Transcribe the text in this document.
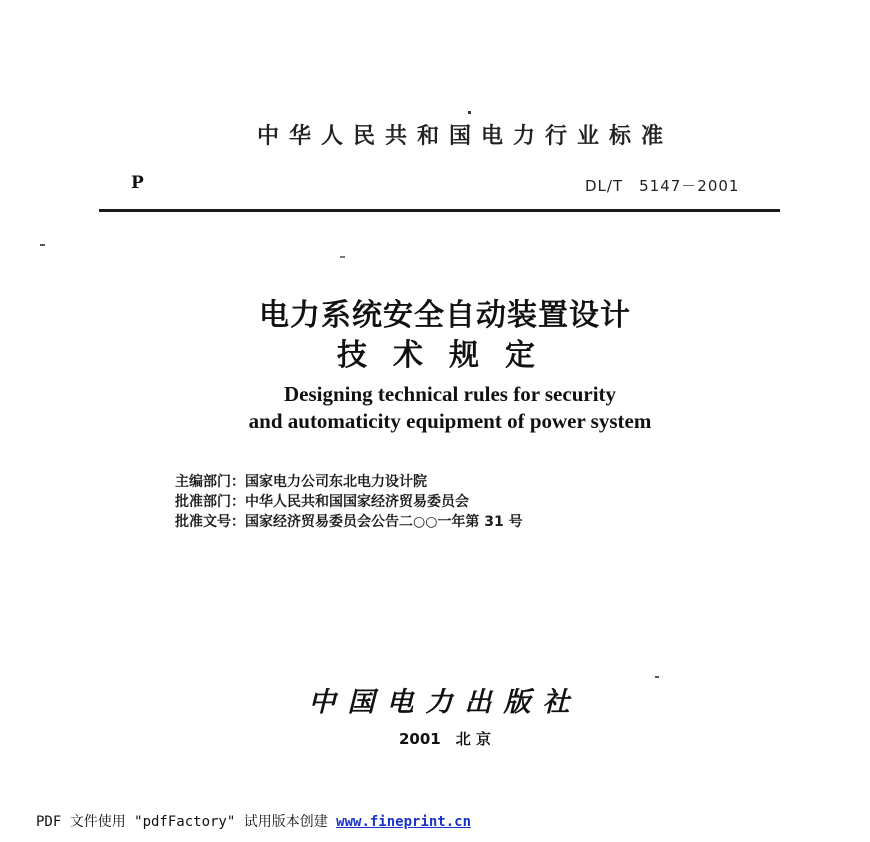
中华人民共和国电力行业标准
P	DL/T　5147－2001
电力系统安全自动装置设计
技术规定
Designing technical rules for security
and automaticity equipment of power system
主编部门：国家电力公司东北电力设计院
批准部门：中华人民共和国国家经济贸易委员会
批准文号：国家经济贸易委员会公告二○○一年第 31 号
中国电力出版社
2001　北 京
PDF 文件使用 "pdfFactory" 试用版本创建 www.fineprint.cn
